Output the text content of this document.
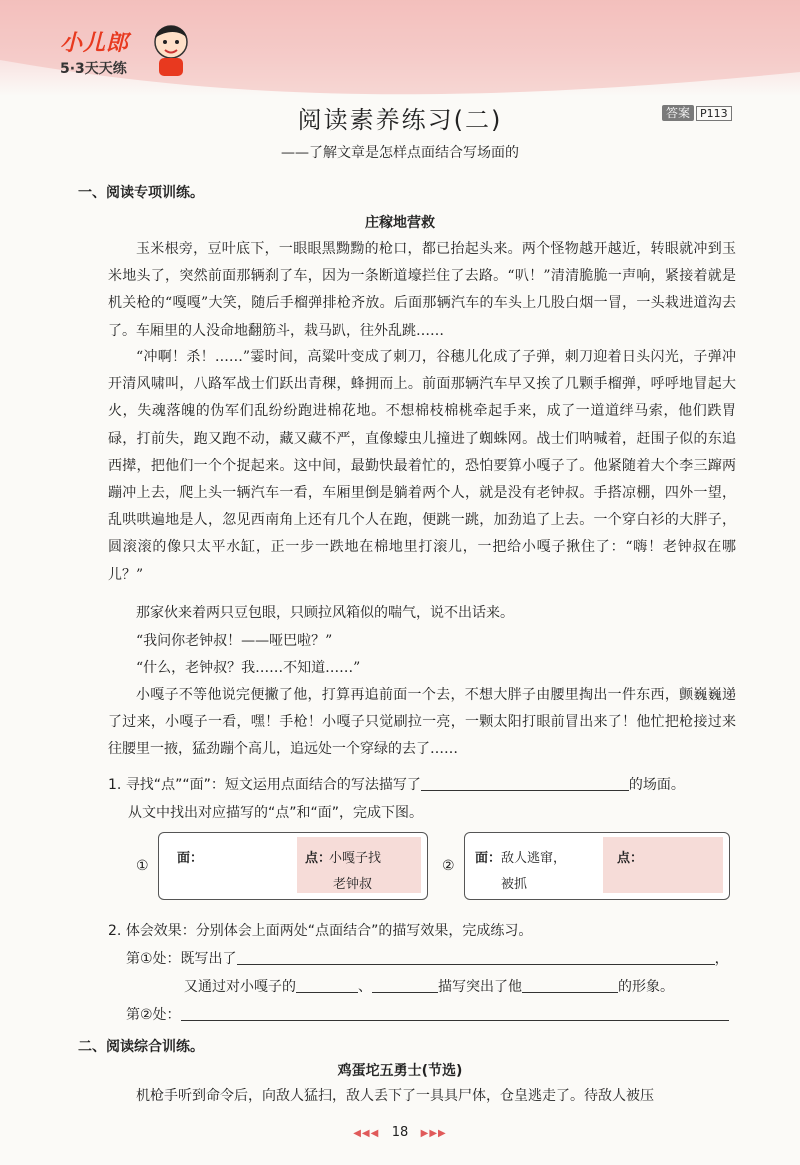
小儿郎
5·3天天练
阅读素养练习(二)	答案 P113
——了解文章是怎样点面结合写场面的
一、阅读专项训练。
庄稼地营救

玉米根旁，豆叶底下，一眼眼黑黝黝的枪口，都已抬起头来。两个怪物越开越近，转眼就冲到玉米地头了，突然前面那辆刹了车，因为一条断道壕拦住了去路。“叭！”清清脆脆一声响，紧接着就是机关枪的“嘎嘎”大笑，随后手榴弹排枪齐放。后面那辆汽车的车头上几股白烟一冒，一头栽进道沟去了。车厢里的人没命地翻筋斗，栽马趴，往外乱跳……

“冲啊！杀！……”霎时间，高粱叶变成了刺刀，谷穗儿化成了子弹，刺刀迎着日头闪光，子弹冲开清风啸叫，八路军战士们跃出青稞，蜂拥而上。前面那辆汽车早又挨了几颗手榴弹，呼呼地冒起大火，失魂落魄的伪军们乱纷纷跑进棉花地。不想棉枝棉桃牵起手来，成了一道道绊马索，他们跌胃碌，打前失，跑又跑不动，藏又藏不严，直像蠓虫儿撞进了蜘蛛网。战士们呐喊着，赶围子似的东追西撵，把他们一个个捉起来。这中间，最勤快最着忙的，恐怕要算小嘎子了。他紧随着大个李三蹿两蹦冲上去，爬上头一辆汽车一看，车厢里倒是躺着两个人，就是没有老钟叔。手搭凉棚，四外一望，乱哄哄遍地是人，忽见西南角上还有几个人在跑，便跳一跳，加劲追了上去。一个穿白衫的大胖子，圆滚滚的像只太平水缸，正一步一跌地在棉地里打滚儿，一把给小嘎子揪住了：“嗨！老钟叔在哪儿？”

那家伙来着两只豆包眼，只顾拉风箱似的喘气，说不出话来。

“我问你老钟叔！——哑巴啦？”

“什么，老钟叔？我……不知道……”

小嘎子不等他说完便撇了他，打算再追前面一个去，不想大胖子由腰里掏出一件东西，颤巍巍递了过来，小嘎子一看，嘿！手枪！小嘎子只觉刷拉一亮，一颗太阳打眼前冒出来了！他忙把枪接过来往腰里一掖，猛劲蹦个高儿，追远处一个穿绿的去了……

1. 寻找“点”“面”：短文运用点面结合的写法描写了	的场面。
从文中找出对应描写的“点”和“面”，完成下图。
① 面：	点：
小嘎子找
老钟叔
② 面： 敌人逃窜，
被抓
点：
2. 体会效果：分别体会上面两处“点面结合”的描写效果，完成练习。
第①处：既写出了	，
又通过对小嘎子的	、	描写突出了他	的形象。
第②处：
二、阅读综合训练。
鸡蛋坨五勇士(节选)

机枪手听到命令后，向敌人猛扫，敌人丢下了一具具尸体，仓皇逃走了。待敌人被压

◀◀◀ 18 ▶▶▶
